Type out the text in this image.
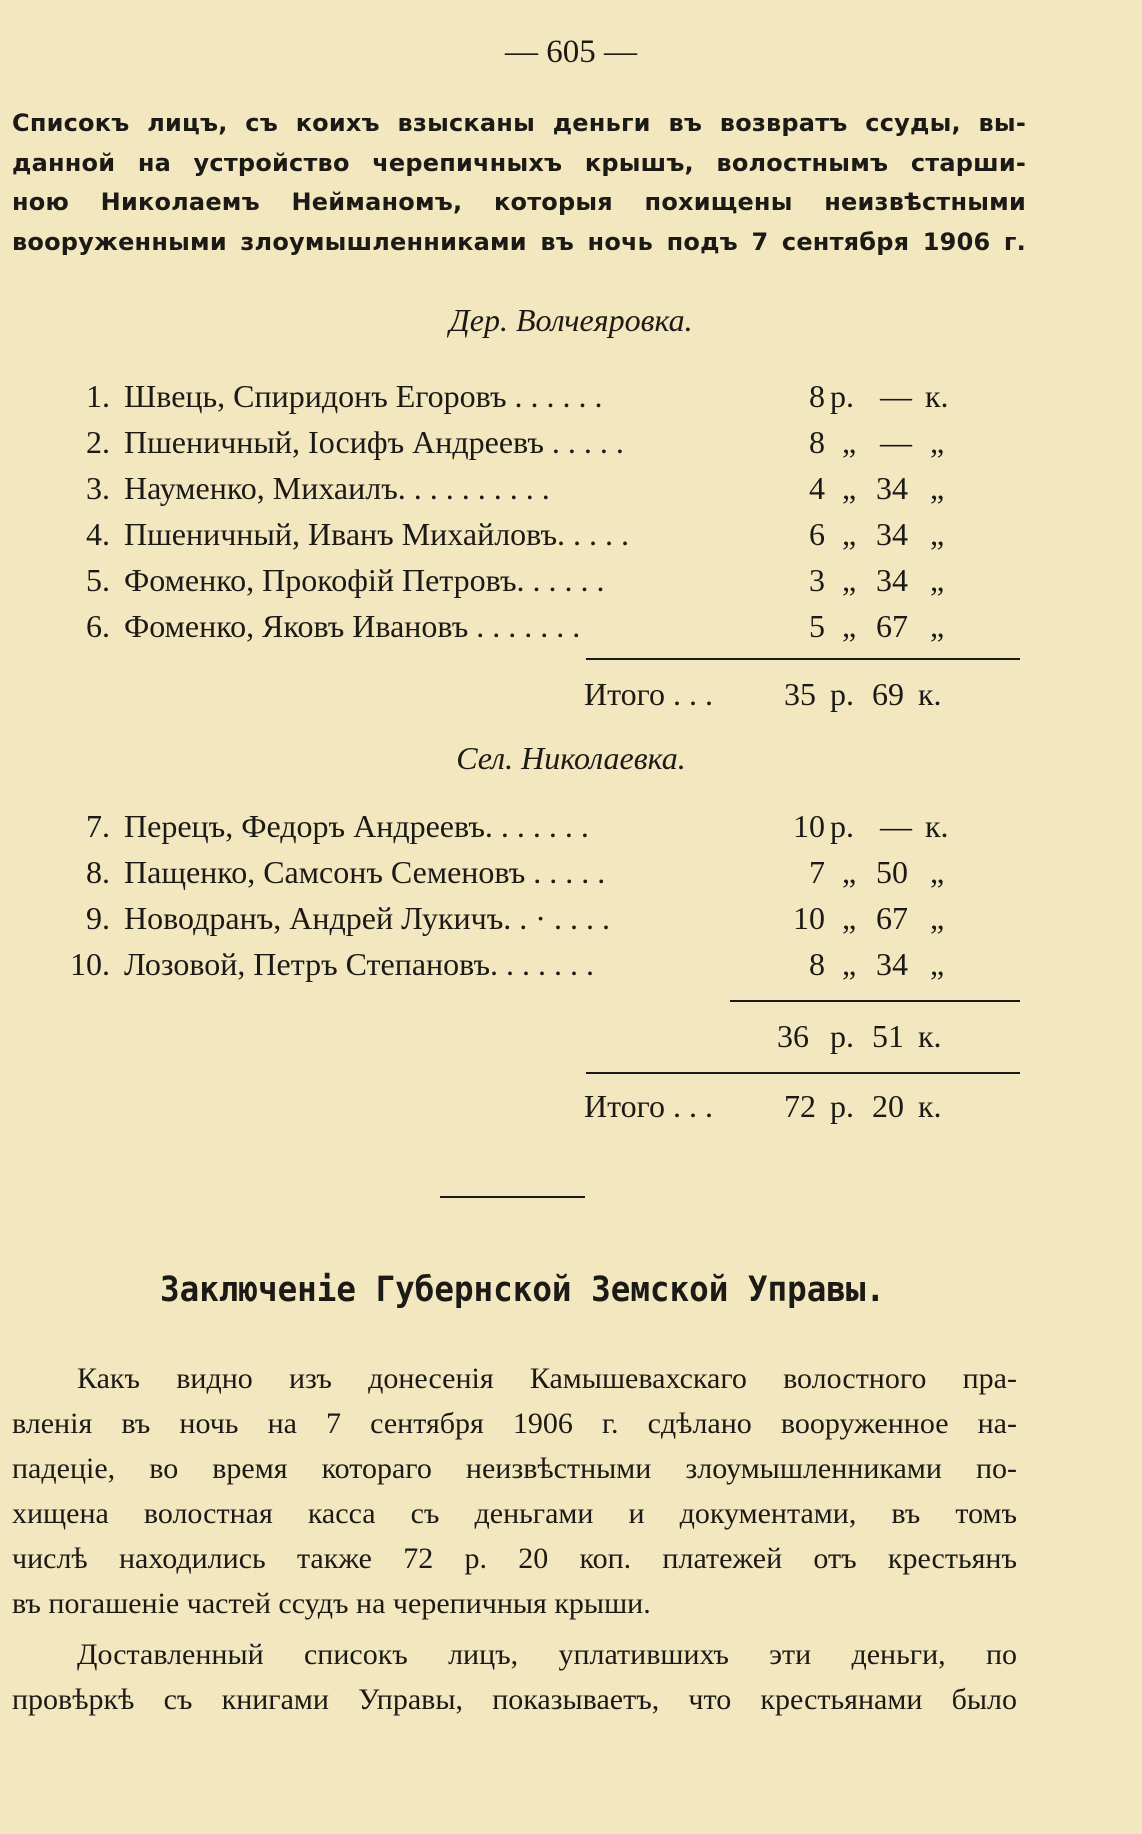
— 605 —
Списокъ лицъ, съ коихъ взысканы деньги въ возвратъ ссуды, вы-
данной на устройство черепичныхъ крышъ, волостнымъ старши-
ною Николаемъ Нейманомъ, которыя похищены неизвѣстными
вооруженными злоумышленниками въ ночь подъ 7 сентября 1906 г.
Дер. Волчеяровка.
1. Швець, Спиридонъ Егоровъ . . . . . .	8 р. — к.
2. Пшеничный, Іосифъ Андреевъ . . . . .	8 „ — „
3. Науменко, Михаилъ. . . . . . . . . .	4 „ 34 „
4. Пшеничный, Иванъ Михайловъ. . . . .	6 „ 34 „
5. Фоменко, Прокофій Петровъ. . . . . .	3 „ 34 „
6. Фоменко, Яковъ Ивановъ . . . . . . .	5 „ 67 „
Итого . . . 35 р. 69 к.
Сел. Николаевка.
7. Перецъ, Федоръ Андреевъ. . . . . . .	10 р. — к.
8. Пащенко, Самсонъ Семеновъ . . . . .	7 „ 50 „
9. Новодранъ, Андрей Лукичъ. . · . . . .	10 „ 67 „
10. Лозовой, Петръ Степановъ. . . . . . .	8 „ 34 „
36 р. 51 к.
Итого . . . 72 р. 20 к.
Заключеніе Губернской Земской Управы.
Какъ видно изъ донесенія Камышевахскаго волостного пра-
вленія въ ночь на 7 сентября 1906 г. сдѣлано вооруженное на-
падеціе, во время котораго неизвѣстными злоумышленниками по-
хищена волостная касса съ деньгами и документами, въ томъ
числѣ находились также 72 р. 20 коп. платежей отъ крестьянъ
въ погашеніе частей ссудъ на черепичныя крыши.
Доставленный списокъ лицъ, уплатившихъ эти деньги, по
провѣркѣ съ книгами Управы, показываетъ, что крестьянами было
